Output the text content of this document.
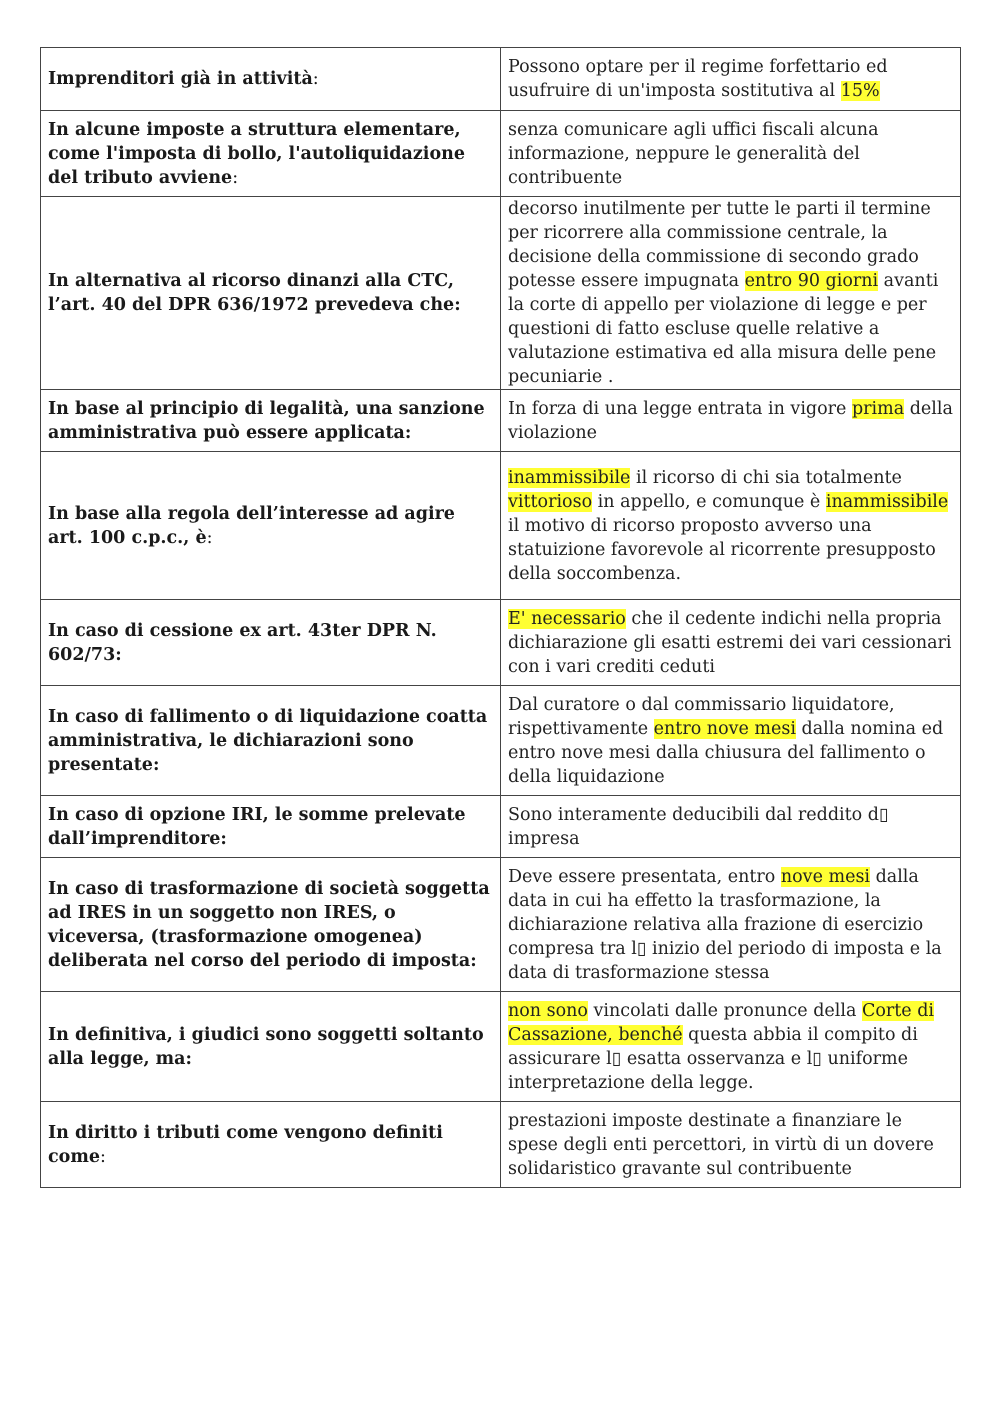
Imprenditori già in attività:	Possono optare per il regime forfettario ed usufruire di un'imposta sostitutiva al 15%
In alcune imposte a struttura elementare, come l'imposta di bollo, l'autoliquidazione del tributo avviene:	senza comunicare agli uffici fiscali alcuna informazione, neppure le generalità del contribuente
In alternativa al ricorso dinanzi alla CTC, l’art. 40 del DPR 636/1972 prevedeva che:	decorso inutilmente per tutte le parti il termine per ricorrere alla commissione centrale, la decisione della commissione di secondo grado potesse essere impugnata entro 90 giorni avanti la corte di appello per violazione di legge e per questioni di fatto escluse quelle relative a valutazione estimativa ed alla misura delle pene pecuniarie .
In base al principio di legalità, una sanzione amministrativa può essere applicata:	In forza di una legge entrata in vigore prima della violazione
In base alla regola dell’interesse ad agire art. 100 c.p.c., è:	inammissibile il ricorso di chi sia totalmente vittorioso in appello, e comunque è inammissibile il motivo di ricorso proposto avverso una statuizione favorevole al ricorrente presupposto della soccombenza.
In caso di cessione ex art. 43ter DPR N. 602/73:	E' necessario che il cedente indichi nella propria dichiarazione gli esatti estremi dei vari cessionari con i vari crediti ceduti
In caso di fallimento o di liquidazione coatta amministrativa, le dichiarazioni sono presentate:	Dal curatore o dal commissario liquidatore, rispettivamente entro nove mesi dalla nomina ed entro nove mesi dalla chiusura del fallimento o della liquidazione
In caso di opzione IRI, le somme prelevate dall’imprenditore:	Sono interamente deducibili dal reddito d▯ impresa
In caso di trasformazione di società soggetta ad IRES in un soggetto non IRES, o viceversa, (trasformazione omogenea) deliberata nel corso del periodo di imposta:	Deve essere presentata, entro nove mesi dalla data in cui ha effetto la trasformazione, la dichiarazione relativa alla frazione di esercizio compresa tra l▯ inizio del periodo di imposta e la data di trasformazione stessa
In definitiva, i giudici sono soggetti soltanto alla legge, ma:	non sono vincolati dalle pronunce della Corte di Cassazione, benché questa abbia il compito di assicurare l▯ esatta osservanza e l▯ uniforme interpretazione della legge.
In diritto i tributi come vengono definiti come:	prestazioni imposte destinate a finanziare le spese degli enti percettori, in virtù di un dovere solidaristico gravante sul contribuente
